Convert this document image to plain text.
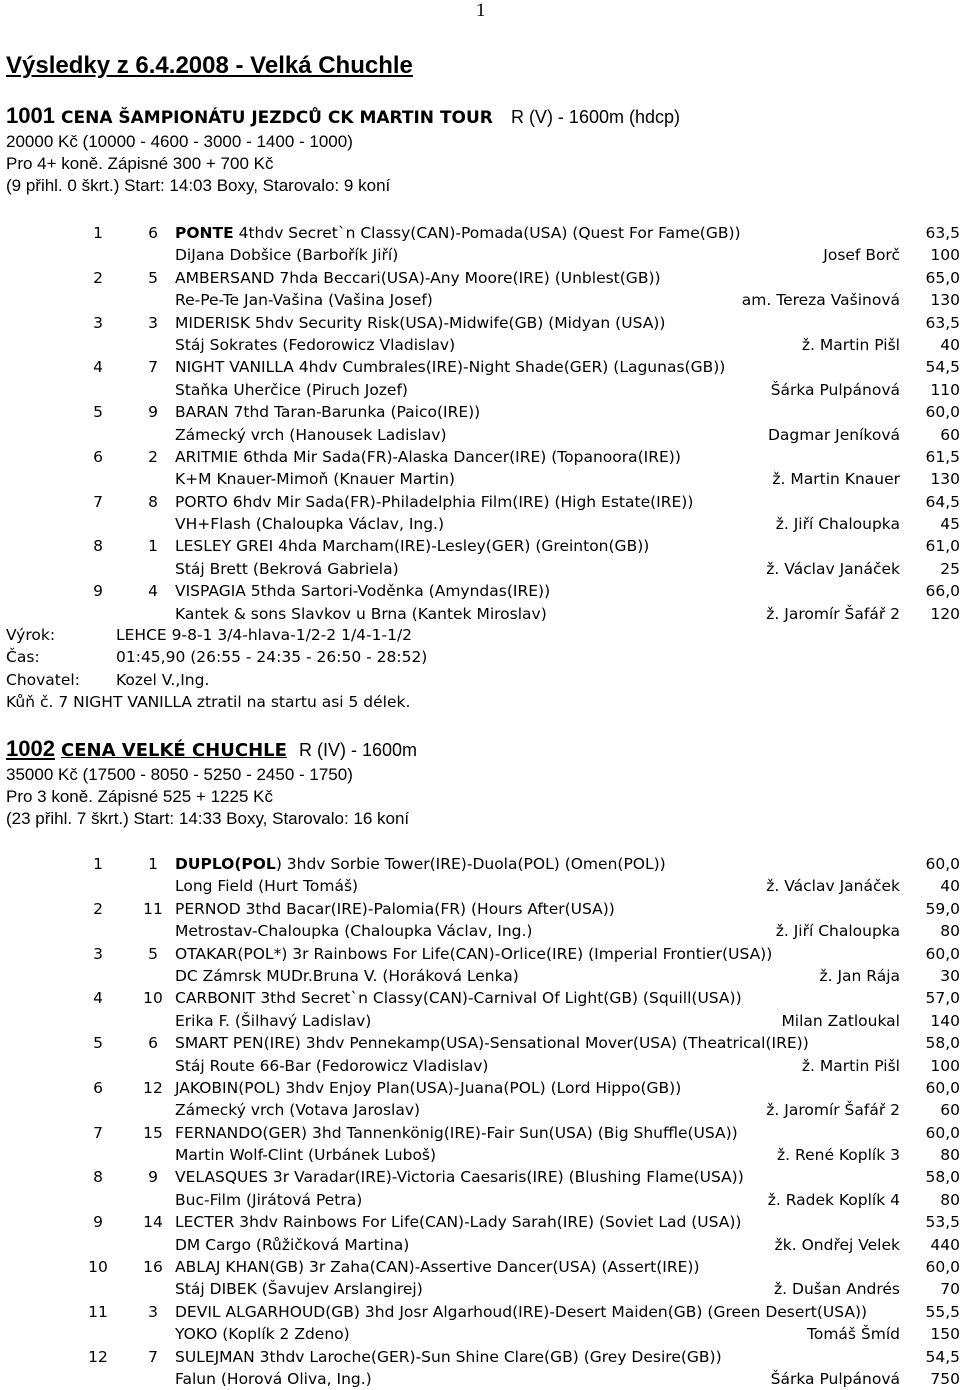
1
Výsledky z 6.4.2008 - Velká Chuchle
1001 CENA ŠAMPIONÁTU JEZDCŮ CK MARTIN TOUR R (V) - 1600m (hdcp)
20000 Kč (10000 - 4600 - 3000 - 1400 - 1000)
Pro 4+ koně. Zápisné 300 + 700 Kč
(9 přihl. 0 škrt.) Start: 14:03 Boxy, Starovalo: 9 koní
1	6	PONTE 4thdv Secret`n Classy(CAN)-Pomada(USA) (Quest For Fame(GB))	63,5
DiJana Dobšice (Barbořík Jiří)	Josef Borč 100
2	5	AMBERSAND 7hda Beccari(USA)-Any Moore(IRE) (Unblest(GB))	65,0
Re-Pe-Te Jan-Vašina (Vašina Josef)	am. Tereza Vašinová 130
3	3	MIDERISK 5hdv Security Risk(USA)-Midwife(GB) (Midyan (USA))	63,5
Stáj Sokrates (Fedorowicz Vladislav)	ž. Martin Pišl	40
4	7	NIGHT VANILLA 4hdv Cumbrales(IRE)-Night Shade(GER) (Lagunas(GB))	54,5
Staňka Uherčice (Piruch Jozef)	Šárka Pulpánová 110
5	9	BARAN 7thd Taran-Barunka (Paico(IRE))	60,0
Zámecký vrch (Hanousek Ladislav)	Dagmar Jeníková	60
6	2	ARITMIE 6thda Mir Sada(FR)-Alaska Dancer(IRE) (Topanoora(IRE))	61,5
K+M Knauer-Mimoň (Knauer Martin)	ž. Martin Knauer 130
7	8	PORTO 6hdv Mir Sada(FR)-Philadelphia Film(IRE) (High Estate(IRE))	64,5
VH+Flash (Chaloupka Václav, Ing.)	ž. Jiří Chaloupka	45
8	1	LESLEY GREI 4hda Marcham(IRE)-Lesley(GER) (Greinton(GB))	61,0
Stáj Brett (Bekrová Gabriela)	ž. Václav Janáček	25
9	4	VISPAGIA 5thda Sartori-Voděnka (Amyndas(IRE))	66,0
Kantek & sons Slavkov u Brna (Kantek Miroslav)	ž. Jaromír Šafář 2 120
Výrok:	LEHCE 9-8-1 3/4-hlava-1/2-2 1/4-1-1/2
Čas:	01:45,90 (26:55 - 24:35 - 26:50 - 28:52)
Chovatel: Kozel V.,Ing.
Kůň č. 7 NIGHT VANILLA ztratil na startu asi 5 délek.
1002 CENA VELKÉ CHUCHLE R (IV) - 1600m
35000 Kč (17500 - 8050 - 5250 - 2450 - 1750)
Pro 3 koně. Zápisné 525 + 1225 Kč
(23 přihl. 7 škrt.) Start: 14:33 Boxy, Starovalo: 16 koní
1	1	DUPLO(POL) 3hdv Sorbie Tower(IRE)-Duola(POL) (Omen(POL))	60,0
Long Field (Hurt Tomáš)	ž. Václav Janáček	40
2	11 PERNOD 3thd Bacar(IRE)-Palomia(FR) (Hours After(USA))	59,0
Metrostav-Chaloupka (Chaloupka Václav, Ing.)	ž. Jiří Chaloupka	80
3	5	OTAKAR(POL*) 3r Rainbows For Life(CAN)-Orlice(IRE) (Imperial Frontier(USA))	60,0
DC Zámrsk MUDr.Bruna V. (Horáková Lenka)	ž. Jan Rája	30
4	10 CARBONIT 3thd Secret`n Classy(CAN)-Carnival Of Light(GB) (Squill(USA))	57,0
Erika F. (Šilhavý Ladislav)	Milan Zatloukal 140
5	6	SMART PEN(IRE) 3hdv Pennekamp(USA)-Sensational Mover(USA) (Theatrical(IRE))	58,0
Stáj Route 66-Bar (Fedorowicz Vladislav)	ž. Martin Pišl 100
6	12 JAKOBIN(POL) 3hdv Enjoy Plan(USA)-Juana(POL) (Lord Hippo(GB))	60,0
Zámecký vrch (Votava Jaroslav)	ž. Jaromír Šafář 2	60
7	15 FERNANDO(GER) 3hd Tannenkönig(IRE)-Fair Sun(USA) (Big Shuffle(USA))	60,0
Martin Wolf-Clint (Urbánek Luboš)	ž. René Koplík 3	80
8	9	VELASQUES 3r Varadar(IRE)-Victoria Caesaris(IRE) (Blushing Flame(USA))	58,0
Buc-Film (Jirátová Petra)	ž. Radek Koplík 4	80
9	14 LECTER 3hdv Rainbows For Life(CAN)-Lady Sarah(IRE) (Soviet Lad (USA))	53,5
DM Cargo (Růžičková Martina)	žk. Ondřej Velek 440
10 16 ABLAJ KHAN(GB) 3r Zaha(CAN)-Assertive Dancer(USA) (Assert(IRE))	60,0
Stáj DIBEK (Šavujev Arslangirej)	ž. Dušan Andrés	70
11	3	DEVIL ALGARHOUD(GB) 3hd Josr Algarhoud(IRE)-Desert Maiden(GB) (Green Desert(USA))	55,5
YOKO (Koplík 2 Zdeno)	Tomáš Šmíd 150
12	7	SULEJMAN 3thdv Laroche(GER)-Sun Shine Clare(GB) (Grey Desire(GB))	54,5
Falun (Horová Oliva, Ing.)	Šárka Pulpánová 750
